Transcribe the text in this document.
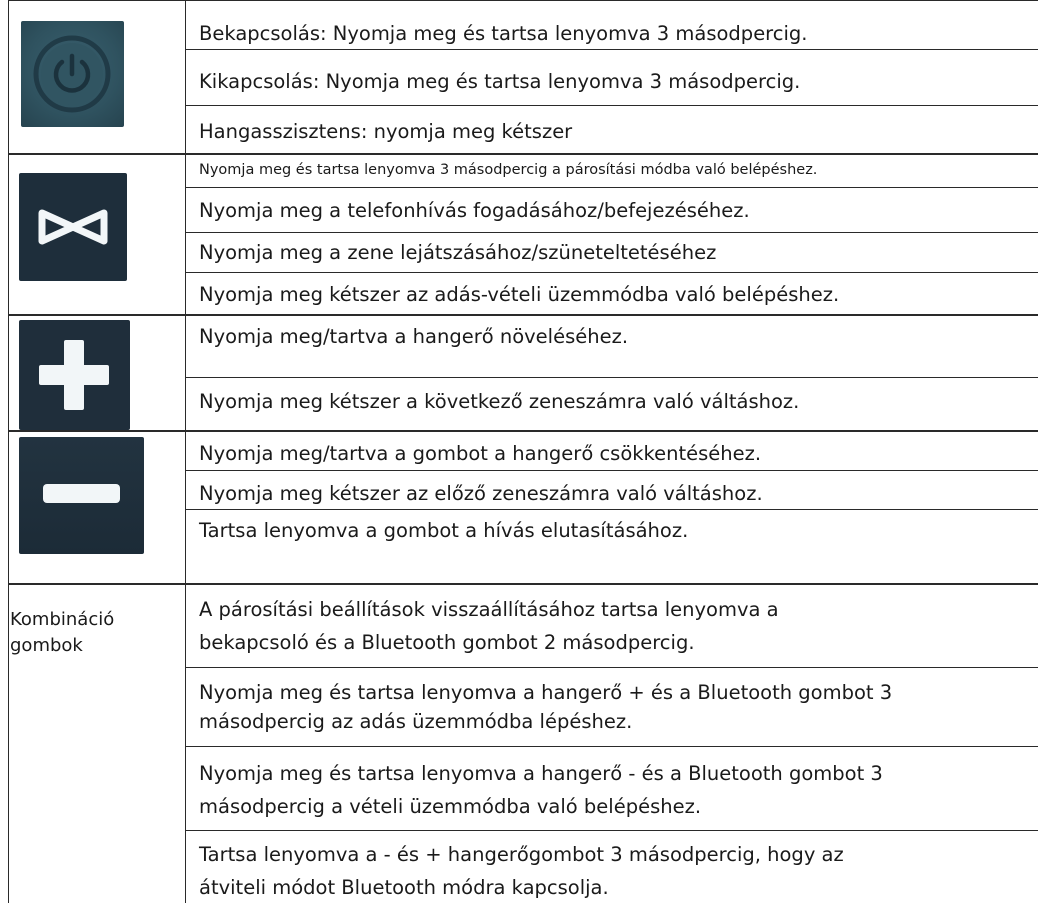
Bekapcsolás: Nyomja meg és tartsa lenyomva 3 másodpercig.
Kikapcsolás: Nyomja meg és tartsa lenyomva 3 másodpercig.
Hangasszisztens: nyomja meg kétszer
Nyomja meg és tartsa lenyomva 3 másodpercig a párosítási módba való belépéshez.
Nyomja meg a telefonhívás fogadásához/befejezéséhez.
Nyomja meg a zene lejátszásához/szüneteltetéséhez
Nyomja meg kétszer az adás-vételi üzemmódba való belépéshez.
Nyomja meg/tartva a hangerő növeléséhez.
Nyomja meg kétszer a következő zeneszámra való váltáshoz.
Nyomja meg/tartva a gombot a hangerő csökkentéséhez.
Nyomja meg kétszer az előző zeneszámra való váltáshoz.
Tartsa lenyomva a gombot a hívás elutasításához.
Kombináció
gombok
A párosítási beállítások visszaállításához tartsa lenyomva a
bekapcsoló és a Bluetooth gombot 2 másodpercig.
Nyomja meg és tartsa lenyomva a hangerő + és a Bluetooth gombot 3
másodpercig az adás üzemmódba lépéshez.
Nyomja meg és tartsa lenyomva a hangerő - és a Bluetooth gombot 3
másodpercig a vételi üzemmódba való belépéshez.
Tartsa lenyomva a - és + hangerőgombot 3 másodpercig, hogy az
átviteli módot Bluetooth módra kapcsolja.
